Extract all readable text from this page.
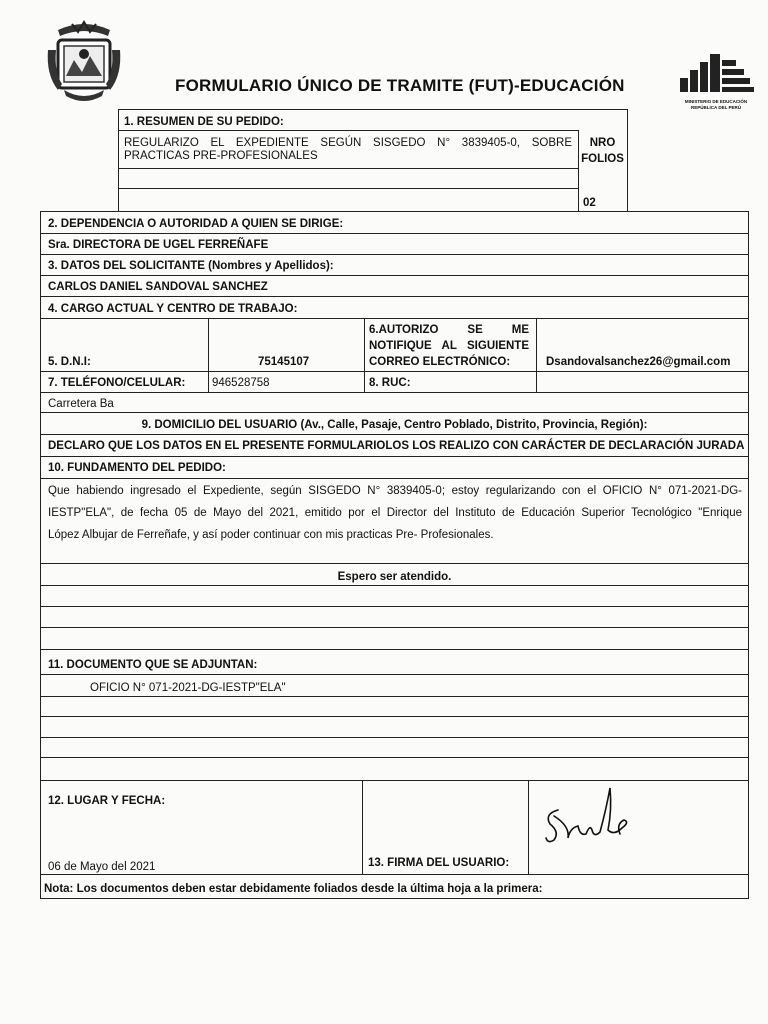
FORMULARIO ÚNICO DE TRAMITE (FUT)-EDUCACIÓN
MINISTERIO DE EDUCACIÓN
REPÚBLICA DEL PERÚ
1. RESUMEN DE SU PEDIDO:
REGULARIZO EL EXPEDIENTE SEGÚN SISGEDO N° 3839405-0, SOBRE
PRACTICAS PRE-PROFESIONALES
NRO
FOLIOS
02
2. DEPENDENCIA O AUTORIDAD A QUIEN SE DIRIGE:
Sra. DIRECTORA DE UGEL FERREÑAFE
3. DATOS DEL SOLICITANTE (Nombres y Apellidos):
CARLOS DANIEL SANDOVAL SANCHEZ
4. CARGO ACTUAL Y CENTRO DE TRABAJO:
5. D.N.I:	75145107
6.AUTORIZO SE ME
NOTIFIQUE AL SIGUIENTE
CORREO ELECTRÓNICO:	Dsandovalsanchez26@gmail.com
7. TELÉFONO/CELULAR: 946528758	8. RUC:
Carretera Ba
9. DOMICILIO DEL USUARIO (Av., Calle, Pasaje, Centro Poblado, Distrito, Provincia, Región):
DECLARO QUE LOS DATOS EN EL PRESENTE FORMULARIOLOS LOS REALIZO CON CARÁCTER DE DECLARACIÓN JURADA
10. FUNDAMENTO DEL PEDIDO:
Que habiendo ingresado el Expediente, según SISGEDO N° 3839405-0; estoy regularizando con el OFICIO N° 071-2021-DG-
IESTP"ELA", de fecha 05 de Mayo del 2021, emitido por el Director del Instituto de Educación Superior Tecnológico "Enrique
López Albujar de Ferreñafe, y así poder continuar con mis practicas Pre- Profesionales.
Espero ser atendido.
11. DOCUMENTO QUE SE ADJUNTAN:
OFICIO N° 071-2021-DG-IESTP"ELA"
12. LUGAR Y FECHA:
06 de Mayo del 2021	13. FIRMA DEL USUARIO:
Nota: Los documentos deben estar debidamente foliados desde la última hoja a la primera:
